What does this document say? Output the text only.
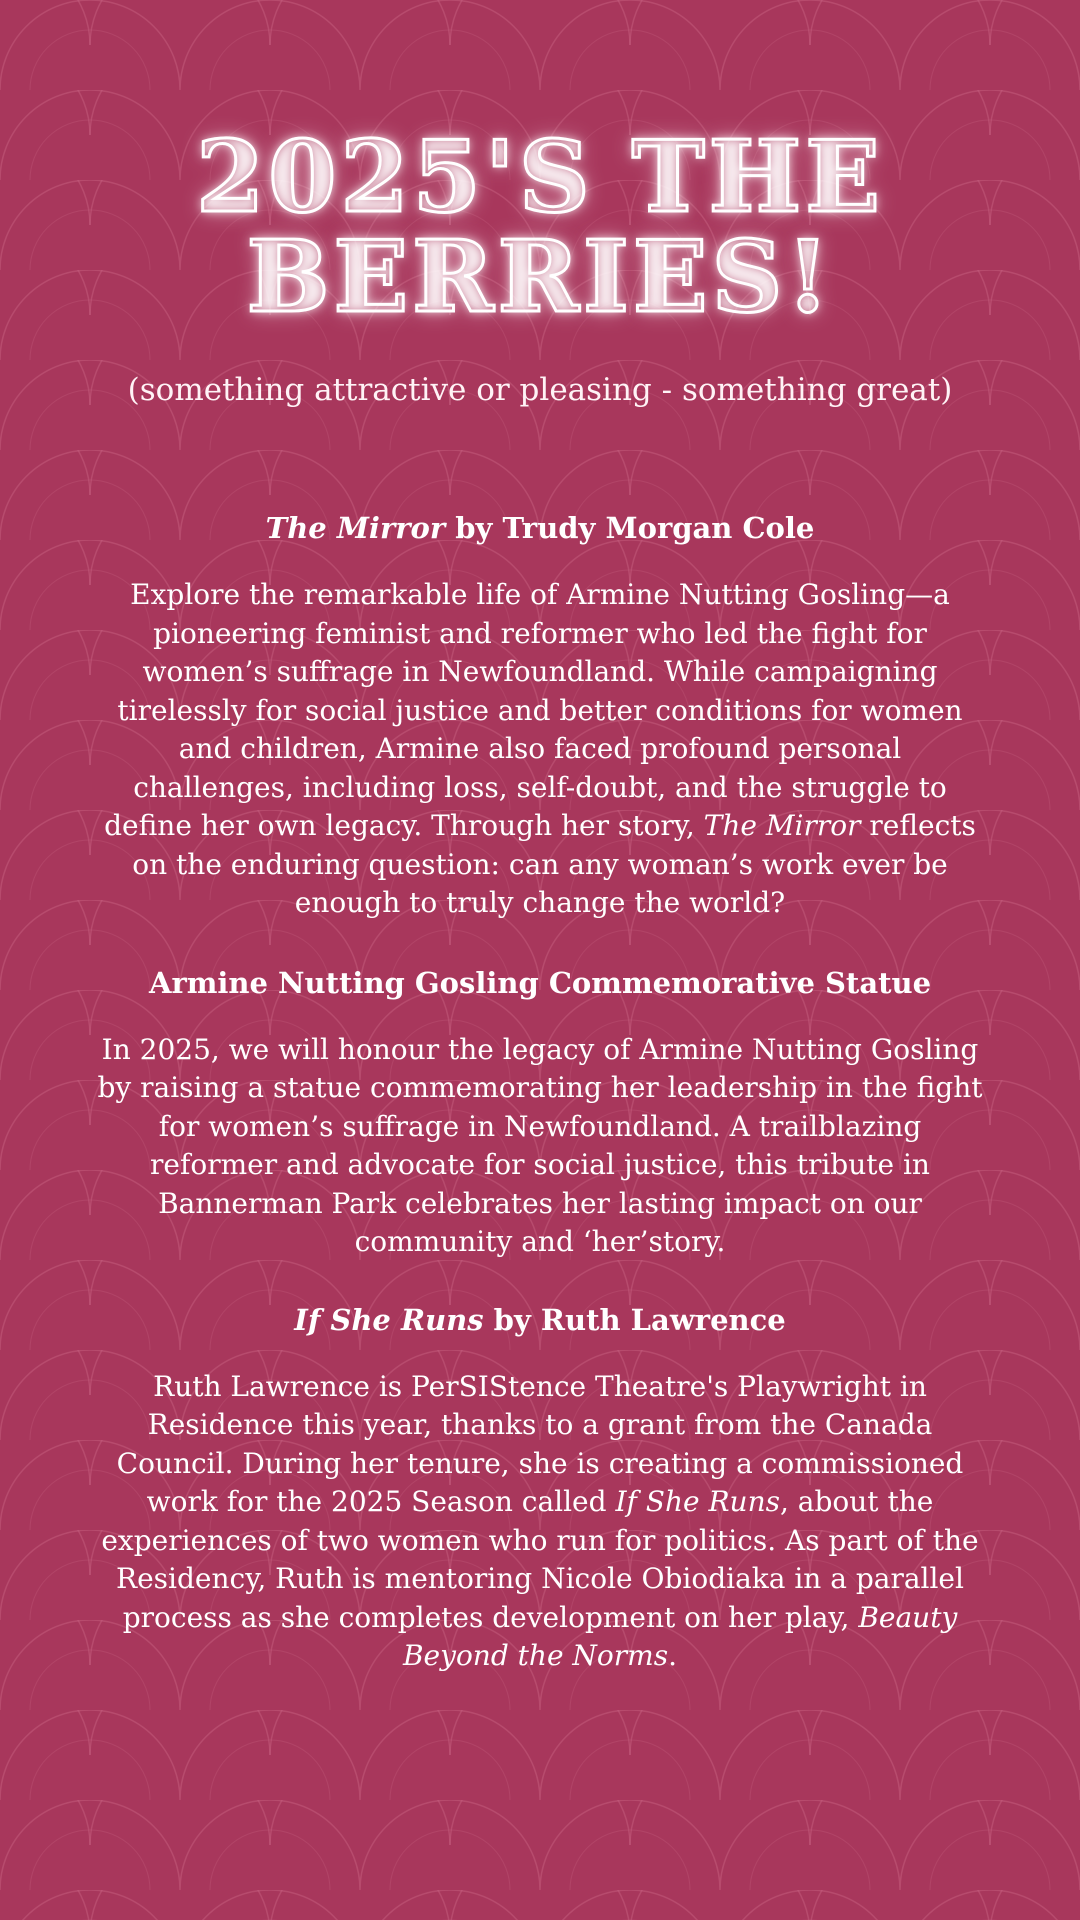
2025'S THE
BERRIES!

(something attractive or pleasing - something great)

The Mirror by Trudy Morgan Cole

Explore the remarkable life of Armine Nutting Gosling—a pioneering feminist and reformer who led the fight for women’s suffrage in Newfoundland. While campaigning tirelessly for social justice and better conditions for women and children, Armine also faced profound personal challenges, including loss, self-doubt, and the struggle to define her own legacy. Through her story, The Mirror reflects on the enduring question: can any woman’s work ever be enough to truly change the world?

Armine Nutting Gosling Commemorative Statue

In 2025, we will honour the legacy of Armine Nutting Gosling by raising a statue commemorating her leadership in the fight for women’s suffrage in Newfoundland. A trailblazing reformer and advocate for social justice, this tribute in Bannerman Park celebrates her lasting impact on our community and ‘her’story.

If She Runs by Ruth Lawrence

Ruth Lawrence is PerSIStence Theatre's Playwright in Residence this year, thanks to a grant from the Canada Council. During her tenure, she is creating a commissioned work for the 2025 Season called If She Runs, about the experiences of two women who run for politics. As part of the Residency, Ruth is mentoring Nicole Obiodiaka in a parallel process as she completes development on her play, Beauty Beyond the Norms.
